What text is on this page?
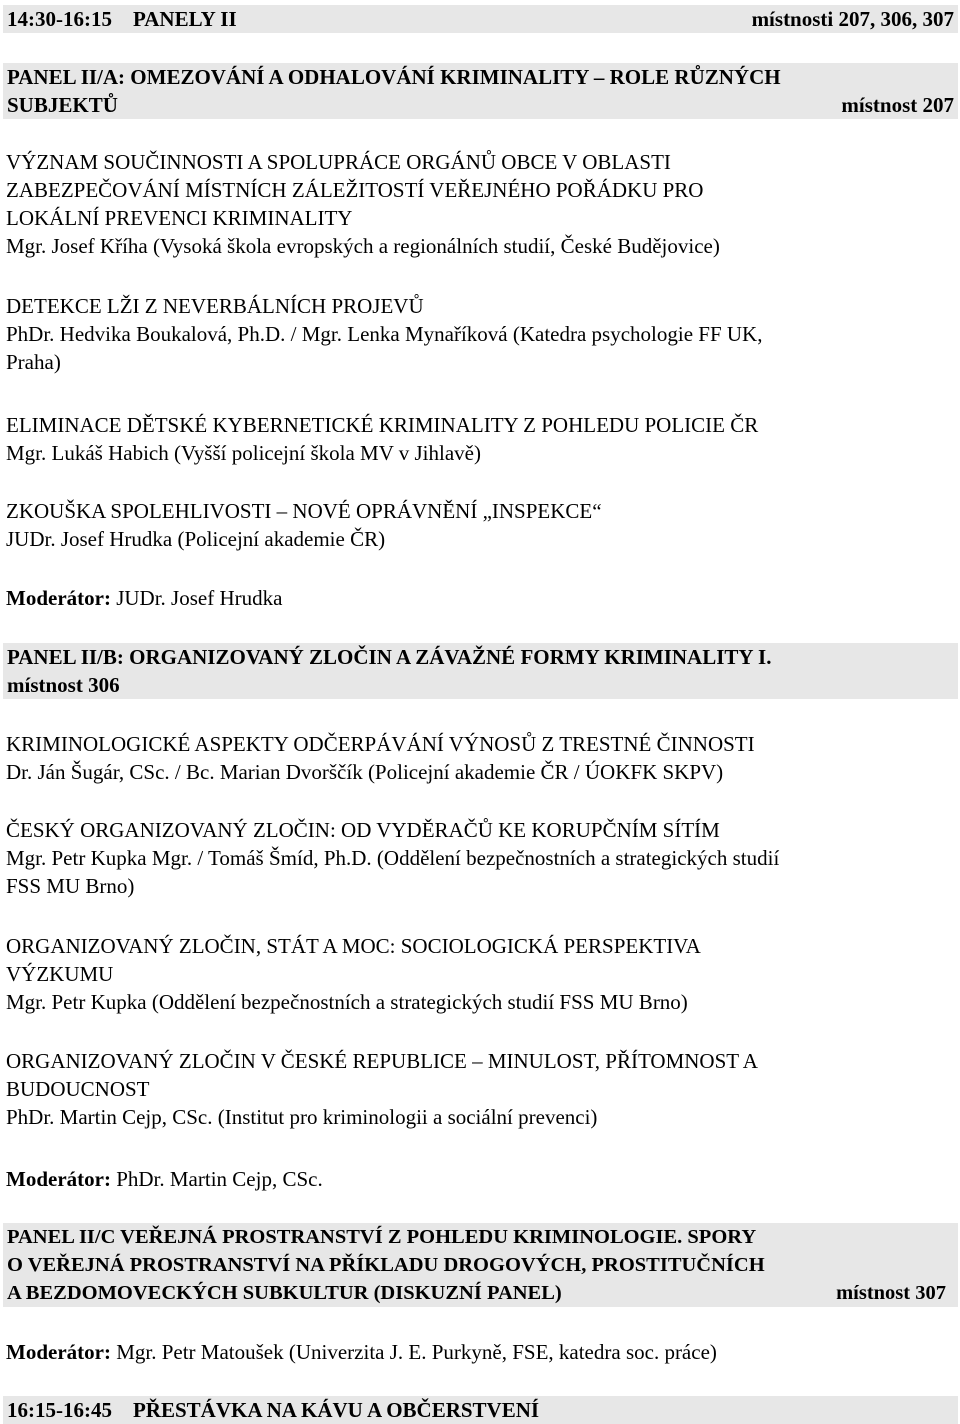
14:30-16:15 PANELY II	místnosti 207, 306, 307
PANEL II/A: OMEZOVÁNÍ A ODHALOVÁNÍ KRIMINALITY – ROLE RŮZNÝCH
SUBJEKTŮ	místnost 207
VÝZNAM SOUČINNOSTI A SPOLUPRÁCE ORGÁNŮ OBCE V OBLASTI
ZABEZPEČOVÁNÍ MÍSTNÍCH ZÁLEŽITOSTÍ VEŘEJNÉHO POŘÁDKU PRO
LOKÁLNÍ PREVENCI KRIMINALITY
Mgr. Josef Kříha (Vysoká škola evropských a regionálních studií, České Budějovice)
DETEKCE LŽI Z NEVERBÁLNÍCH PROJEVŮ
PhDr. Hedvika Boukalová, Ph.D. / Mgr. Lenka Mynaříková (Katedra psychologie FF UK,
Praha)
ELIMINACE DĚTSKÉ KYBERNETICKÉ KRIMINALITY Z POHLEDU POLICIE ČR
Mgr. Lukáš Habich (Vyšší policejní škola MV v Jihlavě)
ZKOUŠKA SPOLEHLIVOSTI – NOVÉ OPRÁVNĚNÍ „INSPEKCE“
JUDr. Josef Hrudka (Policejní akademie ČR)
Moderátor: JUDr. Josef Hrudka
PANEL II/B: ORGANIZOVANÝ ZLOČIN A ZÁVAŽNÉ FORMY KRIMINALITY I.
místnost 306
KRIMINOLOGICKÉ ASPEKTY ODČERPÁVÁNÍ VÝNOSŮ Z TRESTNÉ ČINNOSTI
Dr. Ján Šugár, CSc. / Bc. Marian Dvorščík (Policejní akademie ČR / ÚOKFK SKPV)
ČESKÝ ORGANIZOVANÝ ZLOČIN: OD VYDĚRAČŮ KE KORUPČNÍM SÍTÍM
Mgr. Petr Kupka Mgr. / Tomáš Šmíd, Ph.D. (Oddělení bezpečnostních a strategických studií
FSS MU Brno)
ORGANIZOVANÝ ZLOČIN, STÁT A MOC: SOCIOLOGICKÁ PERSPEKTIVA
VÝZKUMU
Mgr. Petr Kupka (Oddělení bezpečnostních a strategických studií FSS MU Brno)
ORGANIZOVANÝ ZLOČIN V ČESKÉ REPUBLICE – MINULOST, PŘÍTOMNOST A
BUDOUCNOST
PhDr. Martin Cejp, CSc. (Institut pro kriminologii a sociální prevenci)
Moderátor: PhDr. Martin Cejp, CSc.
PANEL II/C VEŘEJNÁ PROSTRANSTVÍ Z POHLEDU KRIMINOLOGIE. SPORY
O VEŘEJNÁ PROSTRANSTVÍ NA PŘÍKLADU DROGOVÝCH, PROSTITUČNÍCH
A BEZDOMOVECKÝCH SUBKULTUR (DISKUZNÍ PANEL)	místnost 307
Moderátor: Mgr. Petr Matoušek (Univerzita J. E. Purkyně, FSE, katedra soc. práce)
16:15-16:45 PŘESTÁVKA NA KÁVU A OBČERSTVENÍ
